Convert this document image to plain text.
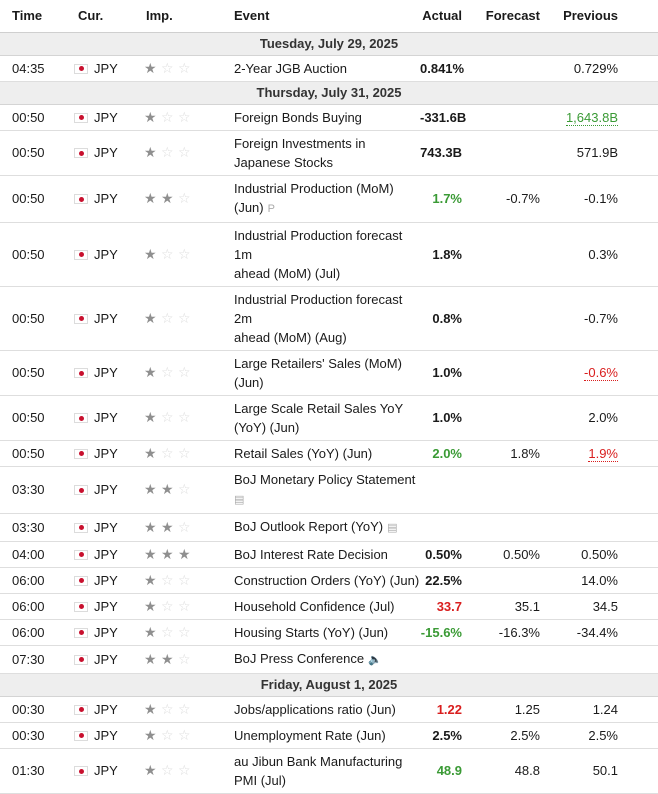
Time	Cur.	Imp.	Event	Actual	Forecast	Previous
Tuesday, July 29, 2025						
04:35	JPY	★ ☆ ☆	2-Year JGB Auction	0.841%		0.729%
Thursday, July 31, 2025						
00:50	JPY	★ ☆ ☆	Foreign Bonds Buying	-331.6B		1,643.8B
00:50	JPY	★ ☆ ☆	Foreign Investments in
Japanese Stocks	743.3B		571.9B
00:50	JPY	★ ★ ☆	Industrial Production (MoM)
(Jun) P	1.7%	-0.7%	-0.1%
00:50	JPY	★ ☆ ☆	Industrial Production forecast 1m
ahead (MoM) (Jul)	1.8%		0.3%
00:50	JPY	★ ☆ ☆	Industrial Production forecast 2m
ahead (MoM) (Aug)	0.8%		-0.7%
00:50	JPY	★ ☆ ☆	Large Retailers' Sales (MoM)
(Jun)	1.0%		-0.6%
00:50	JPY	★ ☆ ☆	Large Scale Retail Sales YoY
(YoY) (Jun)	1.0%		2.0%
00:50	JPY	★ ☆ ☆	Retail Sales (YoY) (Jun)	2.0%	1.8%	1.9%
03:30	JPY	★ ★ ☆	BoJ Monetary Policy Statement
▤			

03:30	JPY	★ ★ ☆	BoJ Outlook Report (YoY) ▤			

04:00	JPY	★ ★ ★	BoJ Interest Rate Decision	0.50%	0.50%	0.50%
06:00	JPY	★ ☆ ☆	Construction Orders (YoY) (Jun)	22.5%		14.0%
06:00	JPY	★ ☆ ☆	Household Confidence (Jul)	33.7	35.1	34.5
06:00	JPY	★ ☆ ☆	Housing Starts (YoY) (Jun)	-15.6%	-16.3%	-34.4%
07:30	JPY	★ ★ ☆	BoJ Press Conference 🔈			

Friday, August 1, 2025						
00:30	JPY	★ ☆ ☆	Jobs/applications ratio (Jun)	1.22	1.25	1.24
00:30	JPY	★ ☆ ☆	Unemployment Rate (Jun)	2.5%	2.5%	2.5%
01:30	JPY	★ ☆ ☆	au Jibun Bank Manufacturing
PMI (Jul)	48.9	48.8	50.1
